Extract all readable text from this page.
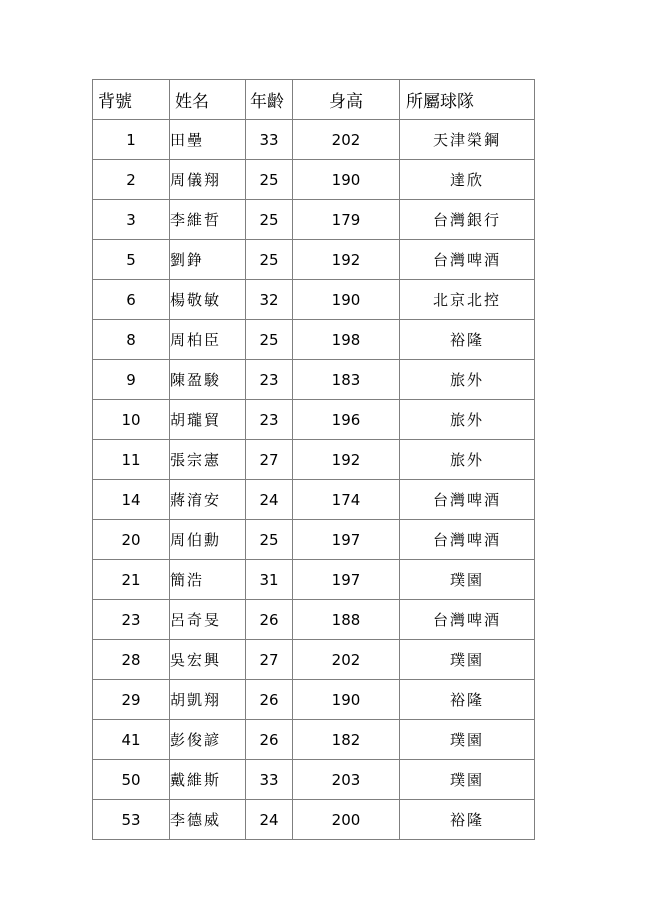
背號	姓名	年齡	身高	所屬球隊
1	田壘	33	202	天津榮鋼
2	周儀翔	25	190	達欣
3	李維哲	25	179	台灣銀行
5	劉錚	25	192	台灣啤酒
6	楊敬敏	32	190	北京北控
8	周柏臣	25	198	裕隆
9	陳盈駿	23	183	旅外
10	胡瓏貿	23	196	旅外
11	張宗憲	27	192	旅外
14	蔣淯安	24	174	台灣啤酒
20	周伯勳	25	197	台灣啤酒
21	簡浩	31	197	璞園
23	呂奇旻	26	188	台灣啤酒
28	吳宏興	27	202	璞園
29	胡凱翔	26	190	裕隆
41	彭俊諺	26	182	璞園
50	戴維斯	33	203	璞園
53	李德威	24	200	裕隆
